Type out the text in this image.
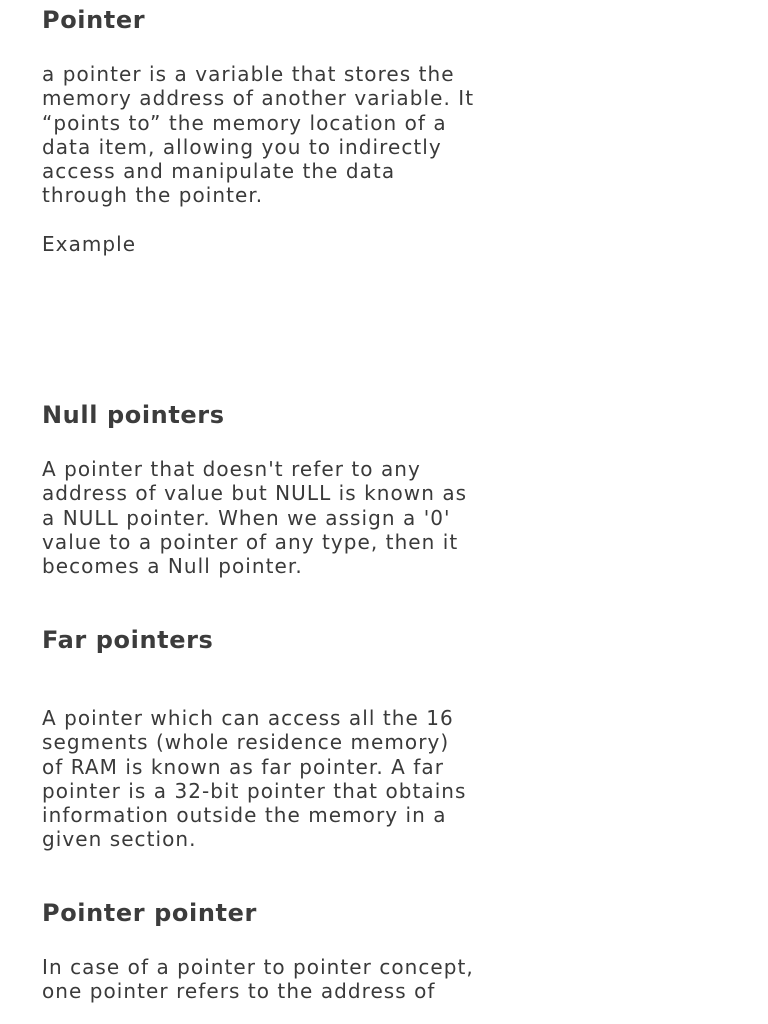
Pointer

a pointer is a variable that stores the
memory address of another variable. It
“points to” the memory location of a
data item, allowing you to indirectly
access and manipulate the data
through the pointer.

Example

Null pointers

A pointer that doesn't refer to any
address of value but NULL is known as
a NULL pointer. When we assign a '0'
value to a pointer of any type, then it
becomes a Null pointer.

Far pointers

A pointer which can access all the 16
segments (whole residence memory)
of RAM is known as far pointer. A far
pointer is a 32-bit pointer that obtains
information outside the memory in a
given section.

Pointer pointer

In case of a pointer to pointer concept,
one pointer refers to the address of
